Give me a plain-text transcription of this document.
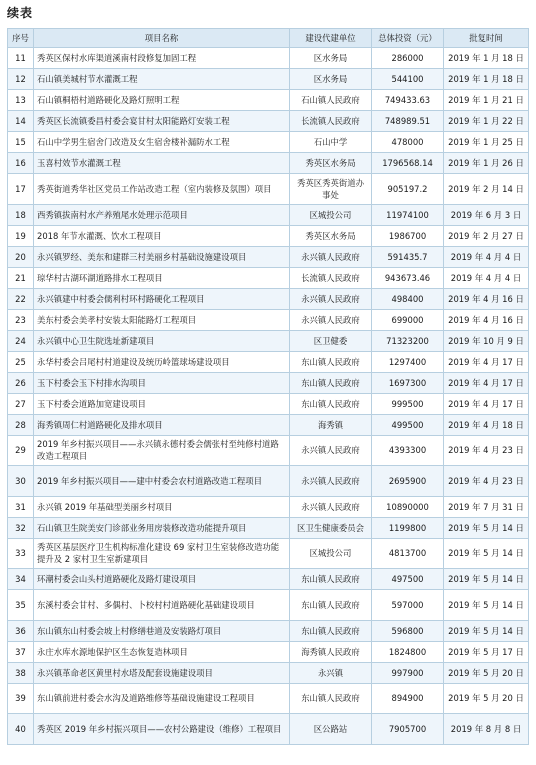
续表
序号	项目名称	建设代建单位	总体投资（元）	批复时间
11	秀英区保村水库渠道溪南村段修复加固工程	区水务局	286000	2019 年 1 月 18 日
12	石山镇美城村节水灌溉工程	区水务局	544100	2019 年 1 月 18 日
13	石山镇桐梧村道路硬化及路灯照明工程	石山镇人民政府	749433.63	2019 年 1 月 21 日
14	秀英区长流镇委昌村委会宴甘村太阳能路灯安装工程	长流镇人民政府	748989.51	2019 年 1 月 22 日
15	石山中学男生宿舍门改造及女生宿舍楼补漏防水工程	石山中学	478000	2019 年 1 月 25 日
16	玉喜村效节水灌溉工程	秀英区水务局	1796568.14	2019 年 1 月 26 日
17	秀英街道秀华社区党员工作站改造工程（室内装修及氛围）项目	秀英区秀英街道办事处	905197.2	2019 年 2 月 14 日
18	西秀镇拔南村水产养殖尾水处理示范项目	区城投公司	11974100	2019 年 6 月 3 日
19	2018 年节水灌溉、饮水工程项目	秀英区水务局	1986700	2019 年 2 月 27 日
20	永兴镇罗经、美东和建群三村美丽乡村基础设施建设项目	永兴镇人民政府	591435.7	2019 年 4 月 4 日
21	琼华村古湖环湖道路排水工程项目	长流镇人民政府	943673.46	2019 年 4 月 4 日
22	永兴镇建中村委会儒利村环村路硬化工程项目	永兴镇人民政府	498400	2019 年 4 月 16 日
23	美东村委会美孝村安装太阳能路灯工程项目	永兴镇人民政府	699000	2019 年 4 月 16 日
24	永兴镇中心卫生院选址新建项目	区卫健委	71323200	2019 年 10 月 9 日
25	永华村委会吕尾村村道建设及统历岭篮球场建设项目	东山镇人民政府	1297400	2019 年 4 月 17 日
26	玉下村委会玉下村排水沟项目	东山镇人民政府	1697300	2019 年 4 月 17 日
27	玉下村委会道路加宽建设项目	东山镇人民政府	999500	2019 年 4 月 17 日
28	海秀镇周仁村道路硬化及排水项目	海秀镇	499500	2019 年 4 月 18 日
29	2019 年乡村振兴项目——永兴镇永德村委会儒张村至纯修村道路改造工程项目	永兴镇人民政府	4393300	2019 年 4 月 23 日
30	2019 年乡村振兴项目——建中村委会农村道路改造工程项目	永兴镇人民政府	2695900	2019 年 4 月 23 日
31	永兴镇 2019 年基础型美丽乡村项目	永兴镇人民政府	10890000	2019 年 7 月 31 日
32	石山镇卫生院美安门诊部业务用房装修改造功能提升项目	区卫生健康委员会	1199800	2019 年 5 月 14 日
33	秀英区基层医疗卫生机构标准化建设 69 家村卫生室装修改造功能提升及 2 家村卫生室新建项目	区城投公司	4813700	2019 年 5 月 14 日
34	环潮村委会山头村道路硬化及路灯建设项目	东山镇人民政府	497500	2019 年 5 月 14 日
35	东溪村委会甘村、多偶村、卜校村村道路硬化基础建设项目	东山镇人民政府	597000	2019 年 5 月 14 日
36	东山镇东山村委会坡上村修缮巷道及安装路灯项目	东山镇人民政府	596800	2019 年 5 月 14 日
37	永庄水库水源地保护区生态恢复造林项目	海秀镇人民政府	1824800	2019 年 5 月 17 日
38	永兴镇革命老区黄里村水塔及配套设施建设项目	永兴镇	997900	2019 年 5 月 20 日
39	东山镇前进村委会水沟及道路维修等基础设施建设工程项目	东山镇人民政府	894900	2019 年 5 月 20 日
40	秀英区 2019 年乡村振兴项目——农村公路建设（维修）工程项目	区公路站	7905700	2019 年 8 月 8 日
